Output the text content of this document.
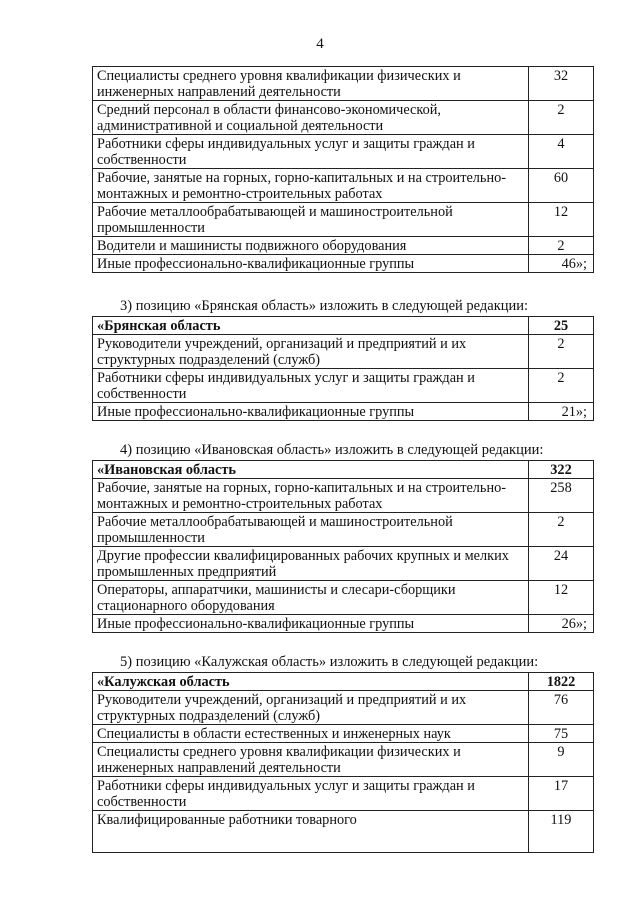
4
Специалисты среднего уровня квалификации физических и инженерных направлений деятельности	32
Средний персонал в области финансово-экономической, административной и социальной деятельности	2
Работники сферы индивидуальных услуг и защиты граждан и собственности	4
Рабочие, занятые на горных, горно-капитальных и на строительно-монтажных и ремонтно-строительных работах	60
Рабочие металлообрабатывающей и машиностроительной промышленности	12
Водители и машинисты подвижного оборудования	2
Иные профессионально-квалификационные группы	46»;
3) позицию «Брянская область» изложить в следующей редакции:
«Брянская область	25
Руководители учреждений, организаций и предприятий и их структурных подразделений (служб)	2
Работники сферы индивидуальных услуг и защиты граждан и собственности	2
Иные профессионально-квалификационные группы	21»;
4) позицию «Ивановская область» изложить в следующей редакции:
«Ивановская область	322
Рабочие, занятые на горных, горно-капитальных и на строительно-монтажных и ремонтно-строительных работах	258
Рабочие металлообрабатывающей и машиностроительной промышленности	2
Другие профессии квалифицированных рабочих крупных и мелких промышленных предприятий	24
Операторы, аппаратчики, машинисты и слесари-сборщики стационарного оборудования	12
Иные профессионально-квалификационные группы	26»;
5) позицию «Калужская область» изложить в следующей редакции:
«Калужская область	1822
Руководители учреждений, организаций и предприятий и их структурных подразделений (служб)	76
Специалисты в области естественных и инженерных наук	75
Специалисты среднего уровня квалификации физических и инженерных направлений деятельности	9
Работники сферы индивидуальных услуг и защиты граждан и собственности	17
Квалифицированные работники товарного	119
